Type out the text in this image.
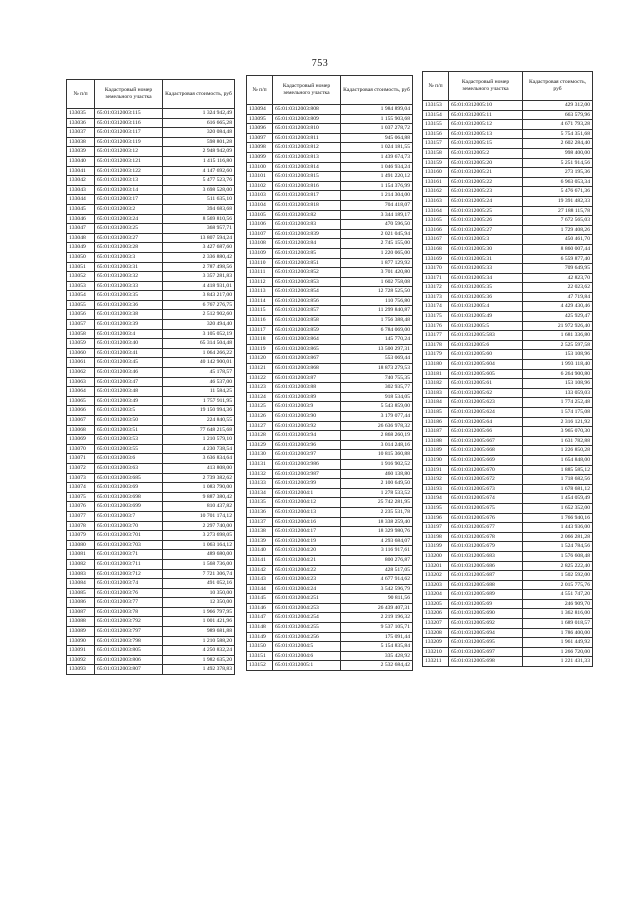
753
№ п/п	Кадастровый номер земельного участка	Кадастровая стоимость, руб
133035	65:01:0312003:115	1 324 942,49
133036	65:01:0312003:116	616 665,28
133037	65:01:0312003:117	320 084,48
133038	65:01:0312003:119	598 801,28
133039	65:01:0312003:12	2 948 942,09
133040	65:01:0312003:121	1 415 116,80
133041	65:01:0312003:122	4 147 692,60
133042	65:01:0312003:13	5 477 523,76
133043	65:01:0312003:14	3 698 528,00
133044	65:01:0312003:17	511 635,10
133045	65:01:0312003:2	394 683,68
133046	65:01:0312003:24	8 569 810,56
133047	65:01:0312003:25	368 957,71
133048	65:01:0312003:27	13 807 594,24
133049	65:01:0312003:28	3 427 687,60
133050	65:01:0312003:3	2 336 880,42
133051	65:01:0312003:31	2 787 498,56
133052	65:01:0312003:32	3 357 281,83
133053	65:01:0312003:33	4 418 931,01
133054	65:01:0312003:35	3 843 217,00
133055	65:01:0312003:36	6 767 276,75
133056	65:01:0312003:38	2 512 902,60
133057	65:01:0312003:39	320 494,40
133058	65:01:0312003:4	3 105 052,19
133059	65:01:0312003:40	65 314 504,48
133060	65:01:0312003:41	1 064 266,22
133061	65:01:0312003:45	40 142 900,01
133062	65:01:0312003:46	45 178,57
133063	65:01:0312003:47	46 537,00
133064	65:01:0312003:48	11 584,25
133065	65:01:0312003:49	1 757 911,95
133066	65:01:0312003:5	19 150 994,36
133067	65:01:0312003:50	224 840,55
133068	65:01:0312003:51	77 648 215,68
133069	65:01:0312003:53	1 210 579,10
133070	65:01:0312003:55	4 230 738,54
133071	65:01:0312003:6	3 636 834,64
133072	65:01:0312003:63	413 808,00
133073	65:01:0312003:685	2 739 382,62
133074	65:01:0312003:69	1 083 790,00
133075	65:01:0312003:698	9 887 380,42
133076	65:01:0312003:699	810 437,82
133077	65:01:0312003:7	10 701 174,12
133078	65:01:0312003:70	2 297 740,00
133079	65:01:0312003:701	3 273 698,05
133080	65:01:0312003:703	1 063 164,12
133081	65:01:0312003:71	489 680,00
133082	65:01:0312003:711	1 568 736,00
133083	65:01:0312003:712	7 721 306,74
133084	65:01:0312003:74	491 052,16
133085	65:01:0312003:76	10 350,00
133086	65:01:0312003:77	12 350,00
133087	65:01:0312003:78	1 966 797,95
133088	65:01:0312003:792	1 001 421,96
133089	65:01:0312003:797	989 681,88
133090	65:01:0312003:798	1 210 588,20
133091	65:01:0312003:805	4 250 832,24
133092	65:01:0312003:806	1 982 635,20
133093	65:01:0312003:807	1 492 378,83
№ п/п	Кадастровый номер земельного участка	Кадастровая стоимость, руб
133094	65:01:0312003:808	1 984 899,04
133095	65:01:0312003:809	1 155 903,68
133096	65:01:0312003:810	1 037 278,72
133097	65:01:0312003:811	945 064,88
133098	65:01:0312003:812	1 024 181,55
133099	65:01:0312003:813	1 439 674,73
133100	65:01:0312003:814	1 046 934,24
133101	65:01:0312003:815	1 491 220,12
133102	65:01:0312003:816	1 154 376,99
133103	65:01:0312003:817	1 214 304,00
133104	65:01:0312003:818	704 418,07
133105	65:01:0312003:82	3 344 189,17
133106	65:01:0312003:83	470 596,50
133107	65:01:0312003:839	2 021 045,94
133108	65:01:0312003:84	2 745 155,00
133109	65:01:0312003:85	1 220 065,00
133110	65:01:0312003:851	1 877 129,92
133111	65:01:0312003:852	3 701 420,80
133112	65:01:0312003:853	1 602 758,08
133113	65:01:0312003:854	12 728 525,50
133114	65:01:0312003:856	110 756,80
133115	65:01:0312003:857	11 299 840,87
133116	65:01:0312003:858	1 756 388,48
133117	65:01:0312003:859	6 784 069,00
133118	65:01:0312003:864	145 770,24
133119	65:01:0312003:865	13 500 297,31
133120	65:01:0312003:867	553 069,44
133121	65:01:0312003:868	18 873 279,53
133122	65:01:0312003:87	740 755,35
133123	65:01:0312003:88	302 935,77
133124	65:01:0312003:89	918 534,05
133125	65:01:0312003:9	5 543 859,00
133126	65:01:0312003:90	3 179 077,44
133127	65:01:0312003:92	26 636 978,32
133128	65:01:0312003:94	2 868 260,19
133129	65:01:0312003:96	3 014 248,16
133130	65:01:0312003:97	10 815 360,88
133131	65:01:0312003:986	1 916 902,52
133132	65:01:0312003:987	460 138,80
133133	65:01:0312003:99	2 100 649,50
133134	65:01:0312004:1	1 278 533,52
133135	65:01:0312004:12	25 742 281,95
133136	65:01:0312004:13	2 235 531,78
133137	65:01:0312004:16	18 338 259,40
133138	65:01:0312004:17	18 329 980,76
133139	65:01:0312004:19	4 293 684,07
133140	65:01:0312004:20	3 116 917,61
133141	65:01:0312004:21	800 276,87
133142	65:01:0312004:22	428 517,05
133143	65:01:0312004:23	4 677 914,62
133144	65:01:0312004:24	3 542 596,79
133145	65:01:0312004:251	90 811,56
133146	65:01:0312004:253	26 439 407,31
133147	65:01:0312004:254	2 219 196,32
133148	65:01:0312004:255	9 537 105,71
133149	65:01:0312004:256	175 091,44
133150	65:01:0312004:5	5 154 835,84
133151	65:01:0312004:6	335 428,92
133152	65:01:0312005:1	2 532 684,42
№ п/п	Кадастровый номер земельного участка	Кадастровая стоимость, руб
133153	65:01:0312005:10	429 312,00
133154	65:01:0312005:11	663 579,96
133155	65:01:0312005:12	4 671 793,28
133156	65:01:0312005:13	5 754 351,68
133157	65:01:0312005:15	2 602 284,40
133158	65:01:0312005:2	998 400,00
133159	65:01:0312005:20	5 251 914,56
133160	65:01:0312005:21	273 195,36
133161	65:01:0312005:22	6 963 053,34
133162	65:01:0312005:23	5 476 671,36
133163	65:01:0312005:24	19 391 482,33
133164	65:01:0312005:25	27 188 115,78
133165	65:01:0312005:26	7 672 565,03
133166	65:01:0312005:27	1 729 408,26
133167	65:01:0312005:3	450 461,70
133168	65:01:0312005:30	8 860 007,44
133169	65:01:0312005:31	6 559 877,40
133170	65:01:0312005:33	709 649,95
133171	65:01:0312005:34	42 823,70
133172	65:01:0312005:35	22 023,62
133173	65:01:0312005:36	47 719,84
133174	65:01:0312005:4	4 429 430,46
133175	65:01:0312005:49	425 929,47
133176	65:01:0312005:5	21 972 926,40
133177	65:01:0312005:583	1 681 336,80
133178	65:01:0312005:6	2 525 597,58
133179	65:01:0312005:60	153 108,96
133180	65:01:0312005:604	1 993 118,40
133181	65:01:0312005:605	6 264 900,80
133182	65:01:0312005:61	153 108,96
133183	65:01:0312005:62	133 059,03
133184	65:01:0312005:623	1 774 252,48
133185	65:01:0312005:624	1 574 175,08
133186	65:01:0312005:64	2 316 121,92
133187	65:01:0312005:66	3 965 070,30
133188	65:01:0312005:667	1 631 782,88
133189	65:01:0312005:668	1 226 850,28
133190	65:01:0312005:669	1 654 848,00
133191	65:01:0312005:670	1 885 585,12
133192	65:01:0312005:672	1 718 682,56
133193	65:01:0312005:673	1 678 681,12
133194	65:01:0312005:674	1 454 059,49
133195	65:01:0312005:675	1 652 352,00
133196	65:01:0312005:676	1 766 940,16
133197	65:01:0312005:677	1 443 936,00
133198	65:01:0312005:678	2 066 281,28
133199	65:01:0312005:679	1 524 784,56
133200	65:01:0312005:683	1 576 608,48
133201	65:01:0312005:686	2 825 222,40
133202	65:01:0312005:687	1 502 592,00
133203	65:01:0312005:688	2 015 775,76
133204	65:01:0312005:689	4 551 747,20
133205	65:01:0312005:69	246 909,70
133206	65:01:0312005:690	1 362 816,00
133207	65:01:0312005:692	1 689 018,57
133208	65:01:0312005:694	1 786 400,00
133209	65:01:0312005:695	1 961 449,92
133210	65:01:0312005:697	1 266 720,00
133211	65:01:0312005:698	1 221 431,33
